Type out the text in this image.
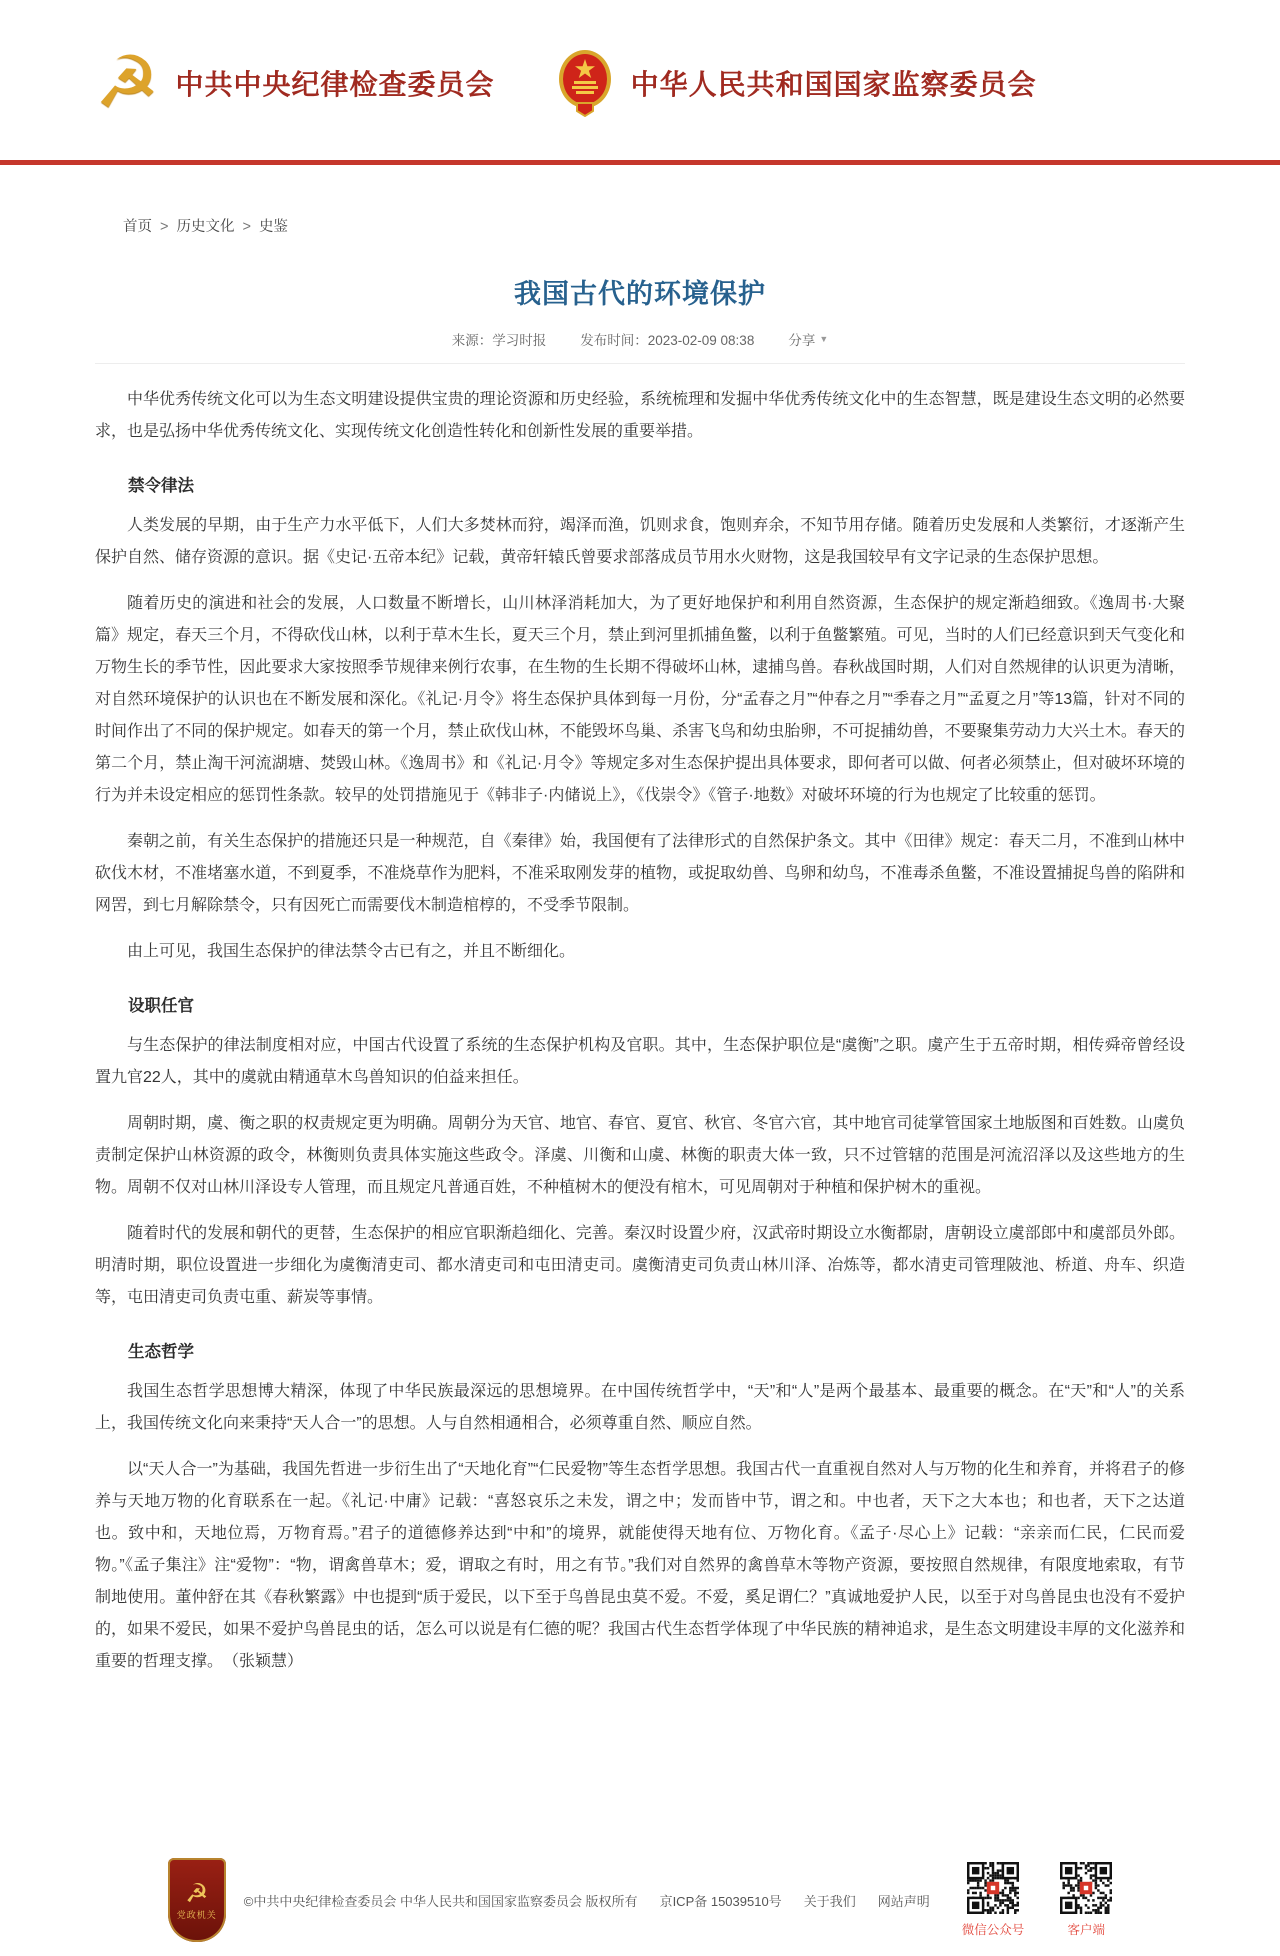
☭ 中共中央纪律检查委员会	中华人民共和国国家监察委员会
首页 > 历史文化 > 史鉴
我国古代的环境保护
来源：学习时报	发布时间：2023-02-09 08:38	分享 ▼

中华优秀传统文化可以为生态文明建设提供宝贵的理论资源和历史经验，系统梳理和发掘中华优秀传统文化中的生态智慧，既是建设生态文明的必然要求，也是弘扬中华优秀传统文化、实现传统文化创造性转化和创新性发展的重要举措。

禁令律法

人类发展的早期，由于生产力水平低下，人们大多焚林而狩，竭泽而渔，饥则求食，饱则弃余，不知节用存储。随着历史发展和人类繁衍，才逐渐产生保护自然、储存资源的意识。据《史记·五帝本纪》记载，黄帝轩辕氏曾要求部落成员节用水火财物，这是我国较早有文字记录的生态保护思想。

随着历史的演进和社会的发展，人口数量不断增长，山川林泽消耗加大，为了更好地保护和利用自然资源，生态保护的规定渐趋细致。《逸周书·大聚篇》规定，春天三个月，不得砍伐山林，以利于草木生长，夏天三个月，禁止到河里抓捕鱼鳖，以利于鱼鳖繁殖。可见，当时的人们已经意识到天气变化和万物生长的季节性，因此要求大家按照季节规律来例行农事，在生物的生长期不得破坏山林，逮捕鸟兽。春秋战国时期，人们对自然规律的认识更为清晰，对自然环境保护的认识也在不断发展和深化。《礼记·月令》将生态保护具体到每一月份，分“孟春之月”“仲春之月”“季春之月”“孟夏之月”等13篇，针对不同的时间作出了不同的保护规定。如春天的第一个月，禁止砍伐山林，不能毁坏鸟巢、杀害飞鸟和幼虫胎卵，不可捉捕幼兽，不要聚集劳动力大兴土木。春天的第二个月，禁止淘干河流湖塘、焚毁山林。《逸周书》和《礼记·月令》等规定多对生态保护提出具体要求，即何者可以做、何者必须禁止，但对破坏环境的行为并未设定相应的惩罚性条款。较早的处罚措施见于《韩非子·内储说上》，《伐崇令》《管子·地数》对破坏环境的行为也规定了比较重的惩罚。

秦朝之前，有关生态保护的措施还只是一种规范，自《秦律》始，我国便有了法律形式的自然保护条文。其中《田律》规定：春天二月，不准到山林中砍伐木材，不准堵塞水道，不到夏季，不准烧草作为肥料，不准采取刚发芽的植物，或捉取幼兽、鸟卵和幼鸟，不准毒杀鱼鳖，不准设置捕捉鸟兽的陷阱和网罟，到七月解除禁令，只有因死亡而需要伐木制造棺椁的，不受季节限制。

由上可见，我国生态保护的律法禁令古已有之，并且不断细化。

设职任官

与生态保护的律法制度相对应，中国古代设置了系统的生态保护机构及官职。其中，生态保护职位是“虞衡”之职。虞产生于五帝时期，相传舜帝曾经设置九官22人，其中的虞就由精通草木鸟兽知识的伯益来担任。

周朝时期，虞、衡之职的权责规定更为明确。周朝分为天官、地官、春官、夏官、秋官、冬官六官，其中地官司徒掌管国家土地版图和百姓数。山虞负责制定保护山林资源的政令，林衡则负责具体实施这些政令。泽虞、川衡和山虞、林衡的职责大体一致，只不过管辖的范围是河流沼泽以及这些地方的生物。周朝不仅对山林川泽设专人管理，而且规定凡普通百姓，不种植树木的便没有棺木，可见周朝对于种植和保护树木的重视。

随着时代的发展和朝代的更替，生态保护的相应官职渐趋细化、完善。秦汉时设置少府，汉武帝时期设立水衡都尉，唐朝设立虞部郎中和虞部员外郎。明清时期，职位设置进一步细化为虞衡清吏司、都水清吏司和屯田清吏司。虞衡清吏司负责山林川泽、冶炼等，都水清吏司管理陂池、桥道、舟车、织造等，屯田清吏司负责屯重、薪炭等事情。

生态哲学

我国生态哲学思想博大精深，体现了中华民族最深远的思想境界。在中国传统哲学中，“天”和“人”是两个最基本、最重要的概念。在“天”和“人”的关系上，我国传统文化向来秉持“天人合一”的思想。人与自然相通相合，必须尊重自然、顺应自然。

以“天人合一”为基础，我国先哲进一步衍生出了“天地化育”“仁民爱物”等生态哲学思想。我国古代一直重视自然对人与万物的化生和养育，并将君子的修养与天地万物的化育联系在一起。《礼记·中庸》记载：“喜怒哀乐之未发，谓之中；发而皆中节，谓之和。中也者，天下之大本也；和也者，天下之达道也。致中和，天地位焉，万物育焉。”君子的道德修养达到“中和”的境界，就能使得天地有位、万物化育。《孟子·尽心上》记载：“亲亲而仁民，仁民而爱物。”《孟子集注》注“爱物”：“物，谓禽兽草木；爱，谓取之有时，用之有节。”我们对自然界的禽兽草木等物产资源，要按照自然规律，有限度地索取，有节制地使用。董仲舒在其《春秋繁露》中也提到“质于爱民，以下至于鸟兽昆虫莫不爱。不爱，奚足谓仁？”真诚地爱护人民，以至于对鸟兽昆虫也没有不爱护的，如果不爱民，如果不爱护鸟兽昆虫的话，怎么可以说是有仁德的呢？我国古代生态哲学体现了中华民族的精神追求，是生态文明建设丰厚的文化滋养和重要的哲理支撑。　（张颖慧）

☭
党政机关
©中共中央纪律检查委员会 中华人民共和国国家监察委员会 版权所有 京ICP备 15039510号 关于我们 网站声明
微信公众号	客户端
